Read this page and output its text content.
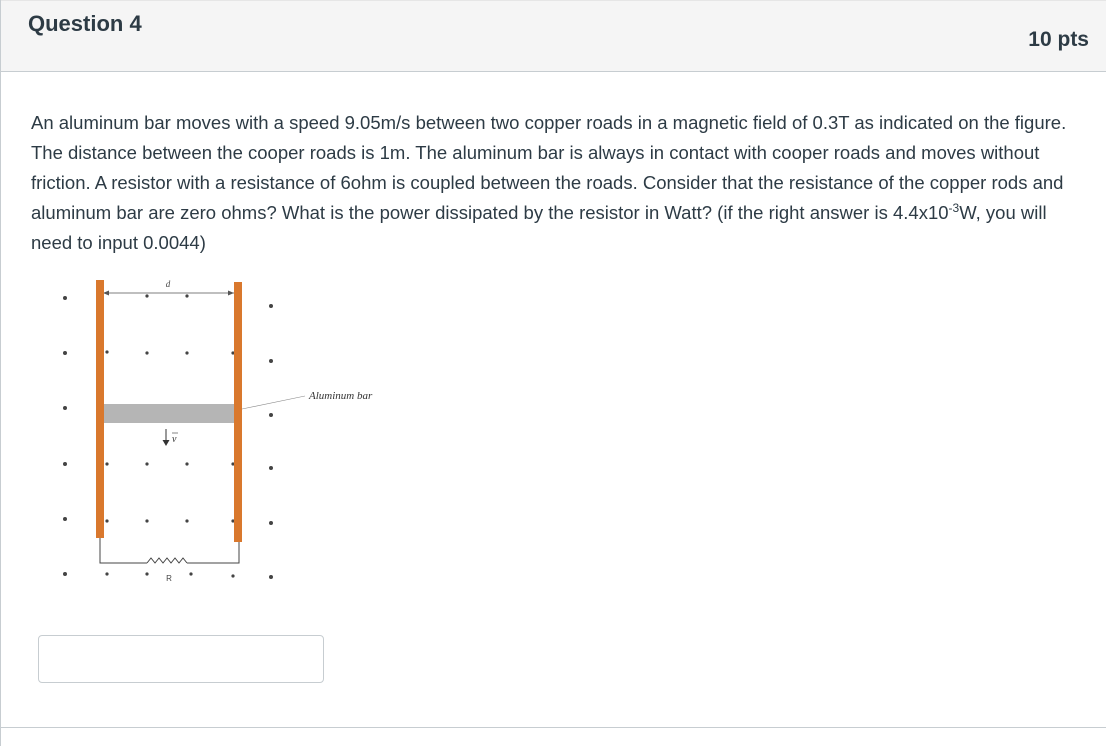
Question 4
10 pts

An aluminum bar moves with a speed 9.05m/s between two copper roads in a magnetic field of 0.3T as indicated on the figure. The distance between the cooper roads is 1m. The aluminum bar is always in contact with cooper roads and moves without friction. A resistor with a resistance of 6ohm is coupled between the roads. Consider that the resistance of the copper rods and aluminum bar are zero ohms? What is the power dissipated by the resistor in Watt? (if the right answer is $4.4x10^{-3}W$, you will need to input 0.0044)

d
R
Aluminum bar
v
